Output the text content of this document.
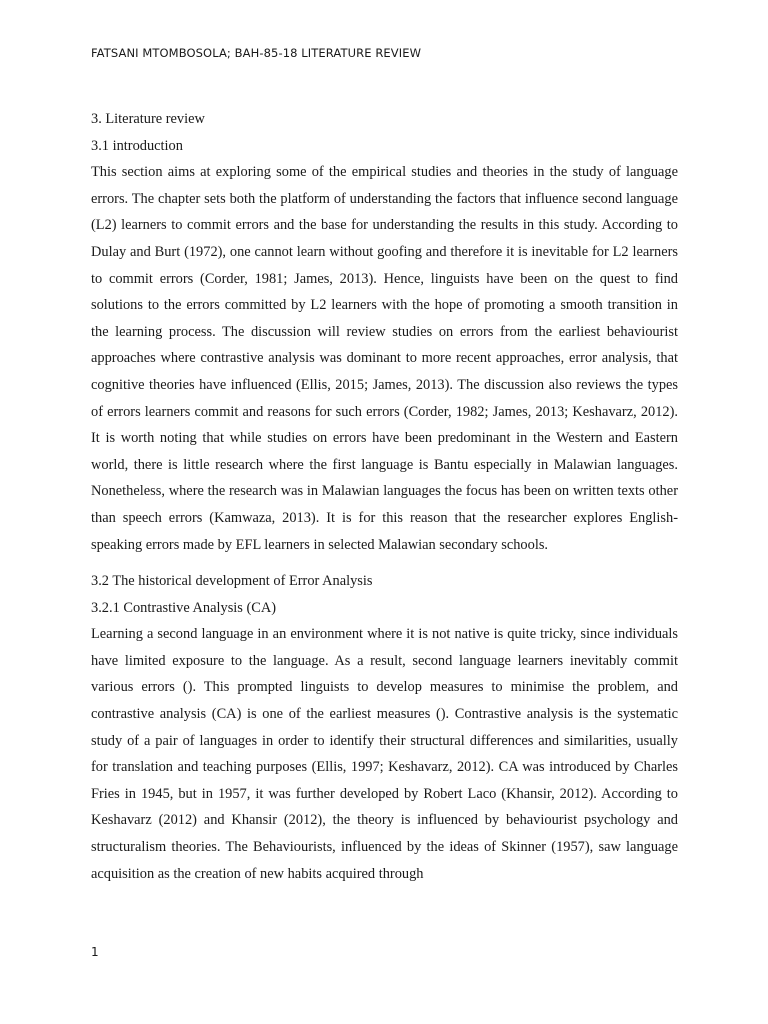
FATSANI MTOMBOSOLA; BAH-85-18 LITERATURE REVIEW

3. Literature review

3.1 introduction

This section aims at exploring some of the empirical studies and theories in the study of language errors. The chapter sets both the platform of understanding the factors that influence second language (L2) learners to commit errors and the base for understanding the results in this study. According to Dulay and Burt (1972), one cannot learn without goofing and therefore it is inevitable for L2 learners to commit errors (Corder, 1981; James, 2013). Hence, linguists have been on the quest to find solutions to the errors committed by L2 learners with the hope of promoting a smooth transition in the learning process. The discussion will review studies on errors from the earliest behaviourist approaches where contrastive analysis was dominant to more recent approaches, error analysis, that cognitive theories have influenced (Ellis, 2015; James, 2013). The discussion also reviews the types of errors learners commit and reasons for such errors (Corder, 1982; James, 2013; Keshavarz, 2012). It is worth noting that while studies on errors have been predominant in the Western and Eastern world, there is little research where the first language is Bantu especially in Malawian languages. Nonetheless, where the research was in Malawian languages the focus has been on written texts other than speech errors (Kamwaza, 2013). It is for this reason that the researcher explores English-speaking errors made by EFL learners in selected Malawian secondary schools.

3.2 The historical development of Error Analysis

3.2.1 Contrastive Analysis (CA)

Learning a second language in an environment where it is not native is quite tricky, since individuals have limited exposure to the language. As a result, second language learners inevitably commit various errors (). This prompted linguists to develop measures to minimise the problem, and contrastive analysis (CA) is one of the earliest measures (). Contrastive analysis is the systematic study of a pair of languages in order to identify their structural differences and similarities, usually for translation and teaching purposes (Ellis, 1997; Keshavarz, 2012). CA was introduced by Charles Fries in 1945, but in 1957, it was further developed by Robert Laco (Khansir, 2012). According to Keshavarz (2012) and Khansir (2012), the theory is influenced by behaviourist psychology and structuralism theories. The Behaviourists, influenced by the ideas of Skinner (1957), saw language acquisition as the creation of new habits acquired through

1
